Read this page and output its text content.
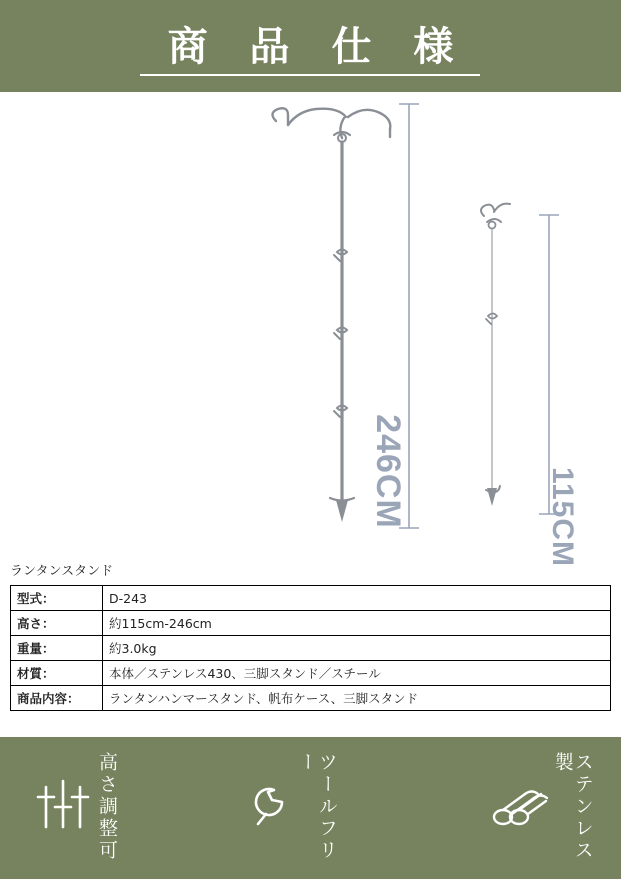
商 品 仕 様
246CM	115CM
ランタンスタンド
型式：	D-243
高さ：	約115cm-246cm
重量：	約3.0kg
材質：	本体／ステンレス430、三脚スタンド／スチール
商品内容：	ランタンハンマースタンド、帆布ケース、三脚スタンド
高さ調整可	ツールフリー	ステンレス製
